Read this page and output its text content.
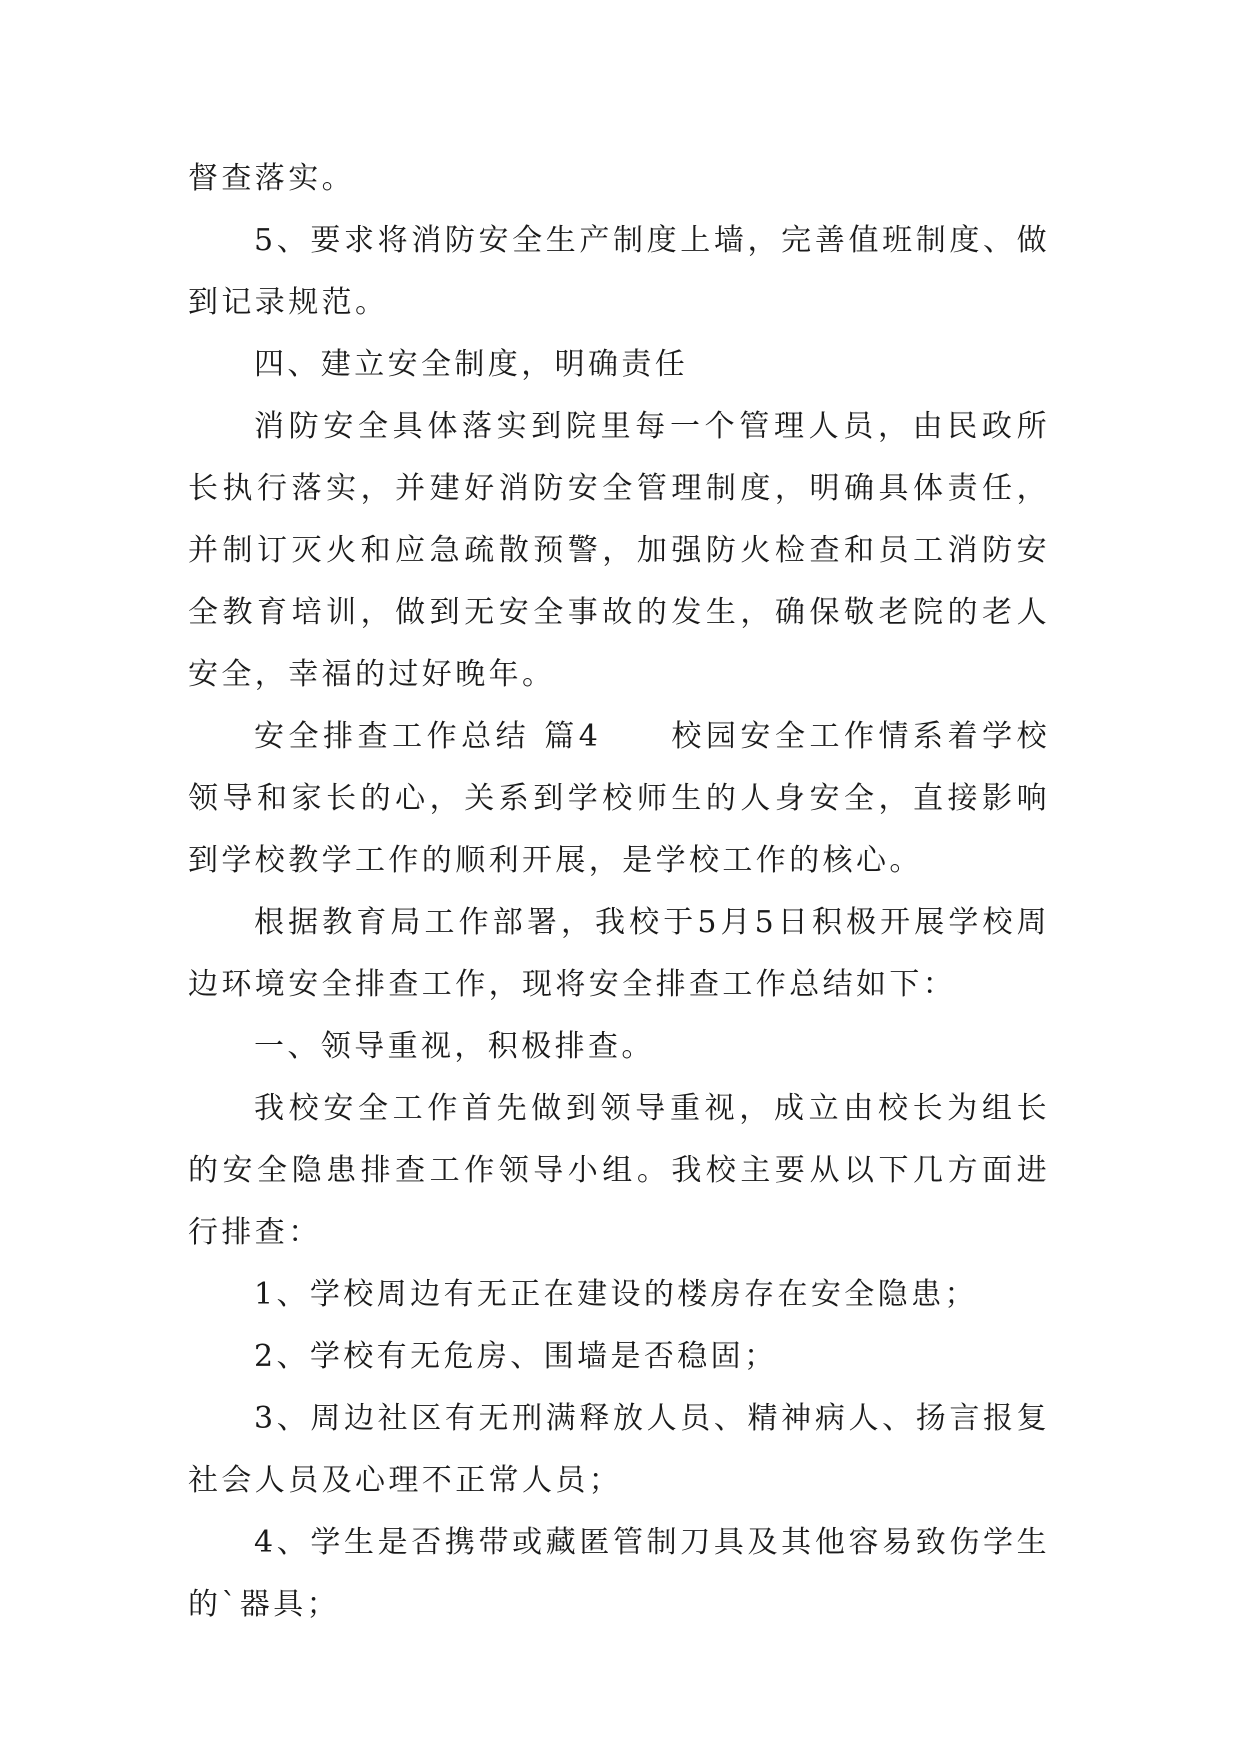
督查落实。

5、要求将消防安全生产制度上墙，完善值班制度、做到记录规范。

四、建立安全制度，明确责任

消防安全具体落实到院里每一个管理人员，由民政所长执行落实，并建好消防安全管理制度，明确具体责任，并制订灭火和应急疏散预警，加强防火检查和员工消防安全教育培训，做到无安全事故的发生，确保敬老院的老人安全，幸福的过好晚年。

安全排查工作总结 篇4　　校园安全工作情系着学校领导和家长的心，关系到学校师生的人身安全，直接影响到学校教学工作的顺利开展，是学校工作的核心。

根据教育局工作部署，我校于5月5日积极开展学校周边环境安全排查工作，现将安全排查工作总结如下：

一、领导重视，积极排查。

我校安全工作首先做到领导重视，成立由校长为组长的安全隐患排查工作领导小组。我校主要从以下几方面进行排查：

1、学校周边有无正在建设的楼房存在安全隐患；

2、学校有无危房、围墙是否稳固；

3、周边社区有无刑满释放人员、精神病人、扬言报复社会人员及心理不正常人员；

4、学生是否携带或藏匿管制刀具及其他容易致伤学生的`器具；
